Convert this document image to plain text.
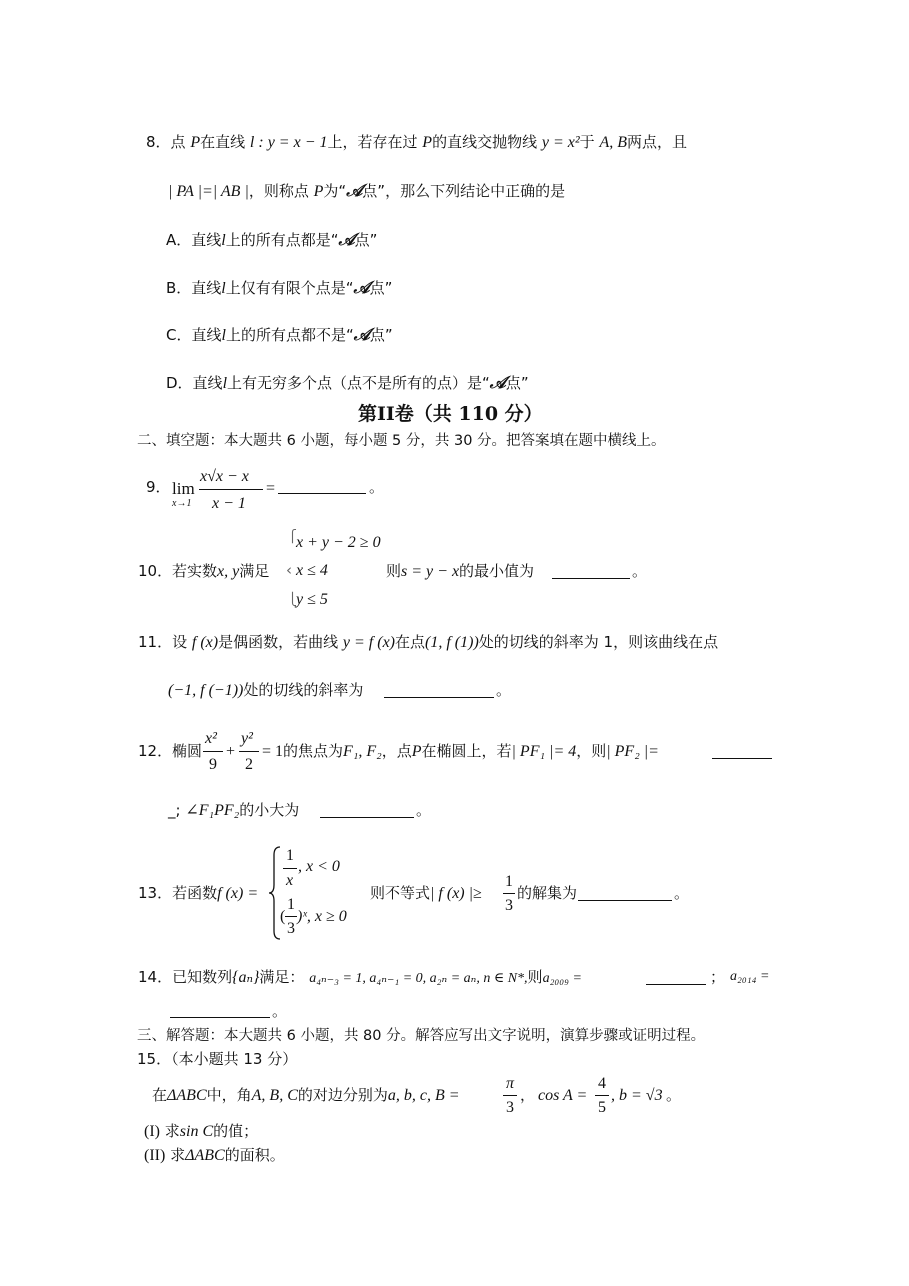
8．点 P在直线 l : y = x − 1上，若存在过 P的直线交抛物线 y = x²于 A, B两点，且
| PA |=| AB |，则称点 P为“𝒜点”，那么下列结论中正确的是
A．直线l上的所有点都是“𝒜点”
B．直线l上仅有有限个点是“𝒜点”
C．直线l上的所有点都不是“𝒜点”
D．直线l上有无穷多个点（点不是所有的点）是“𝒜点”
第II卷（共 110 分）
二、填空题：本大题共 6 小题，每小题 5 分，共 30 分。把答案填在题中横线上。
9． lim
x→1
x√x − x
x − 1
=	。
⎧ x + y − 2 ≥ 0
10． 若实数x, y满足 ‹ x ≤ 4	则s = y − x的最小值为	。
⎩ y ≤ 5
11．设 f (x)是偶函数，若曲线 y = f (x)在点(1, f (1))处的切线的斜率为 1，则该曲线在点
(−1, f (−1))处的切线的斜率为	。
12． 椭圆
x²
9
+
y²
2
= 1的焦点为F₁, F₂，点P在椭圆上，若| PF₁ |= 4，则| PF₂ |=
_; ∠F₁PF₂的小大为	。
13．若函数f (x) =
1
x
, x < 0
(
1
3
)ˣ, x ≥ 0
则不等式| f (x) |≥
1
3
的解集为	。
14．已知数列{aₙ}满足： a₄ₙ₋₃ = 1, a₄ₙ₋₁ = 0, a₂ₙ = aₙ, n ∈ N*,则a₂₀₀₉ =	； a₂₀₁₄ =
。
三、解答题：本大题共 6 小题，共 80 分。解答应写出文字说明，演算步骤或证明过程。
15．（本小题共 13 分）
在ΔABC中，角A, B, C的对边分别为a, b, c, B =
π
3
， cos A =
4
5
, b = √3 。
(I) 求sin C的值；
(II) 求ΔABC的面积。
